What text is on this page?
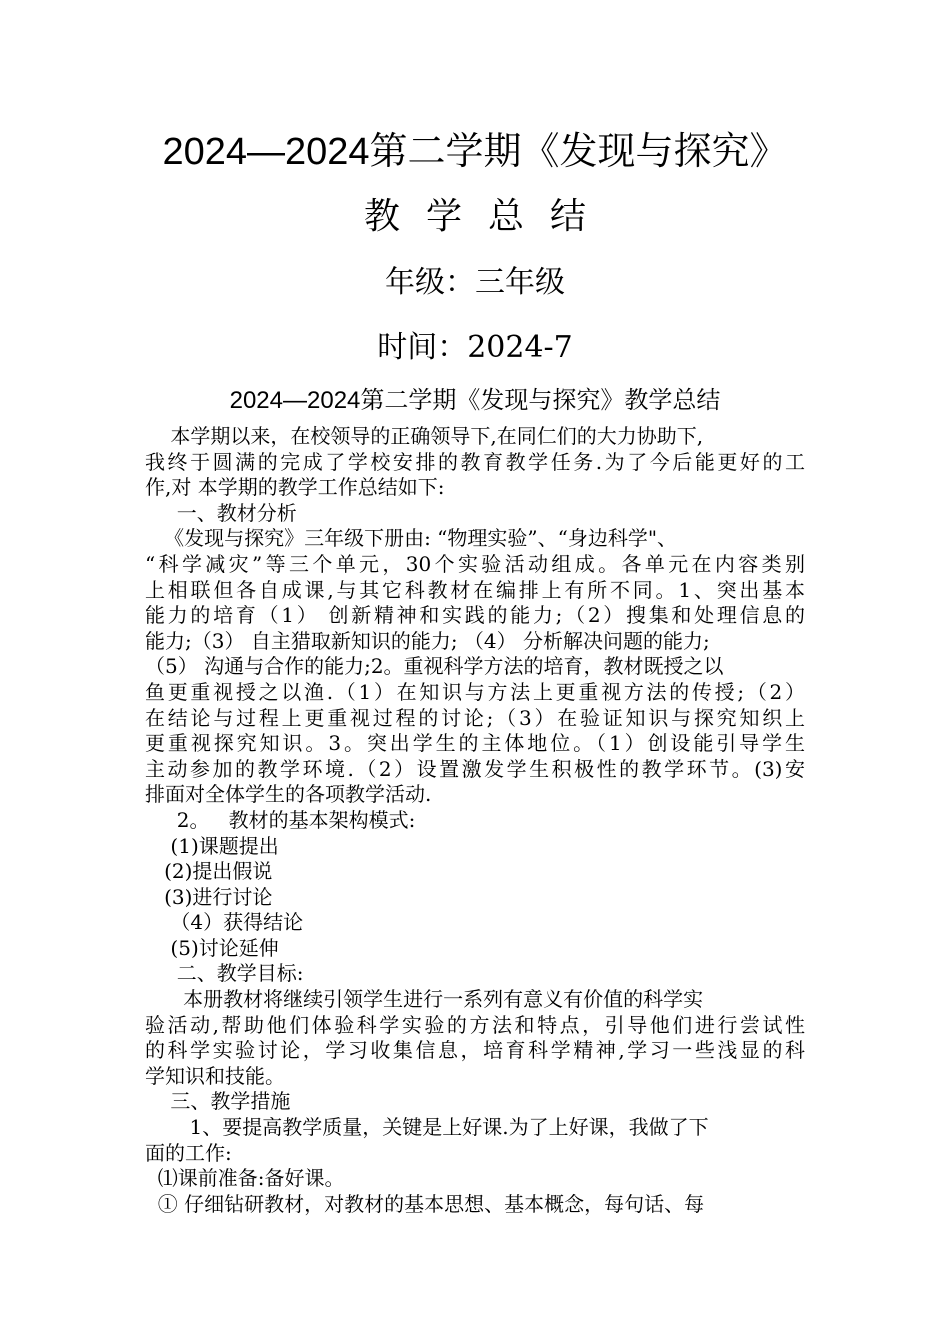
2024—2024第二学期《发现与探究》
教学总结
年级：三年级
时间：2024-7
2024—2024第二学期《发现与探究》教学总结
本学期以来，在校领导的正确领导下,在同仁们的大力协助下,
我终于圆满的完成了学校安排的教育教学任务.为了今后能更好的工
作,对 本学期的教学工作总结如下:
一、教材分析
《发现与探究》三年级下册由: “物理实验”、“身边科学"、
“科学减灾”等三个单元，30个实验活动组成。各单元在内容类别
上相联但各自成课,与其它科教材在编排上有所不同。1、突出基本
能力的培育（1） 创新精神和实践的能力;（2）搜集和处理信息的
能力;（3） 自主猎取新知识的能力; （4） 分析解决问题的能力;
（5） 沟通与合作的能力;2。重视科学方法的培育，教材既授之以
鱼更重视授之以渔.（1）在知识与方法上更重视方法的传授;（2）
在结论与过程上更重视过程的讨论;（3）在验证知识与探究知织上
更重视探究知识。3。突出学生的主体地位。（1）创设能引导学生
主动参加的教学环境.（2）设置激发学生积极性的教学环节。(3)安
排面对全体学生的各项教学活动.
2。   教材的基本架构模式:
(1)课题提出
(2)提出假说
(3)进行讨论
（4）获得结论
(5)讨论延伸
二、教学目标:
本册教材将继续引领学生进行一系列有意义有价值的科学实
验活动,帮助他们体验科学实验的方法和特点，引导他们进行尝试性
的科学实验讨论，学习收集信息，培育科学精神,学习一些浅显的科
学知识和技能。
三、教学措施
1、要提高教学质量，关键是上好课.为了上好课，我做了下
面的工作:
⑴课前准备:备好课。
① 仔细钻研教材，对教材的基本思想、基本概念，每句话、每
